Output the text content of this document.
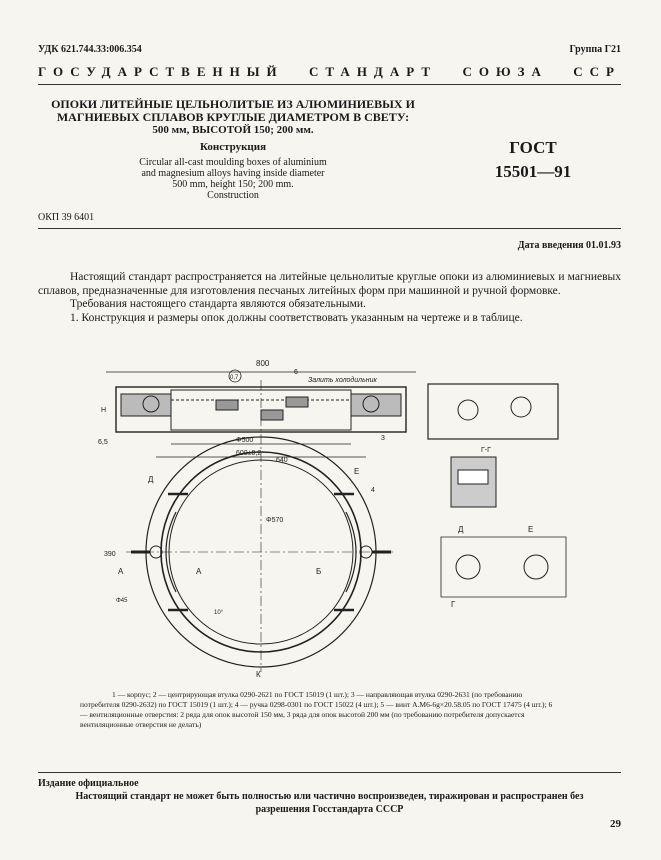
УДК 621.744.33:006.354	Группа Г21
ГОСУДАРСТВЕННЫЙ СТАНДАРТ СОЮЗА ССР
ОПОКИ ЛИТЕЙНЫЕ ЦЕЛЬНОЛИТЫЕ ИЗ АЛЮМИНИЕВЫХ И
МАГНИЕВЫХ СПЛАВОВ КРУГЛЫЕ ДИАМЕТРОМ В СВЕТУ:
500 мм, ВЫСОТОЙ 150; 200 мм.
Конструкция
Circular all-cast moulding boxes of aluminium
and magnesium alloys having inside diameter
500 mm, height 150; 200 mm.
Construction
ГОСТ
15501—91
ОКП 39 6401
Дата введения 01.01.93

Настоящий стандарт распространяется на литейные цельнолитые круглые опоки из алюминиевых и магниевых сплавов, предназначенные для изготовления песчаных литейных форм при машинной и ручной формовке.

Требования настоящего стандарта являются обязательными.

1. Конструкция и размеры опок должны соответствовать указанным на чертеже и в таблице.

800
Φ500
600±0,2
H
6,5
0,7
6
Залить холодильник
3
640
390
Φ570
Φ45
10°
4
А	А	Б
Д
Е
К
Г-Г
Д	Е
Г

1 — корпус; 2 — центрирующая втулка 0290-2621 по ГОСТ 15019 (1 шт.); 3 — направляющая втулка 0290-2631 (по требованию потребителя 0290-2632) по ГОСТ 15019 (1 шт.); 4 — ручка 0298-0301 по ГОСТ 15022 (4 шт.); 5 — винт А.М6-6g×20.58.05 по ГОСТ 17475 (4 шт.); 6 — вентиляционные отверстия: 2 ряда для опок высотой 150 мм, 3 ряда для опок высотой 200 мм (по требованию потребителя допускается вентиляционные отверстия не делать)

Издание официальное
Настоящий стандарт не может быть полностью или частично воспроизведен, тиражирован и распространен без
разрешения Госстандарта СССР
29
